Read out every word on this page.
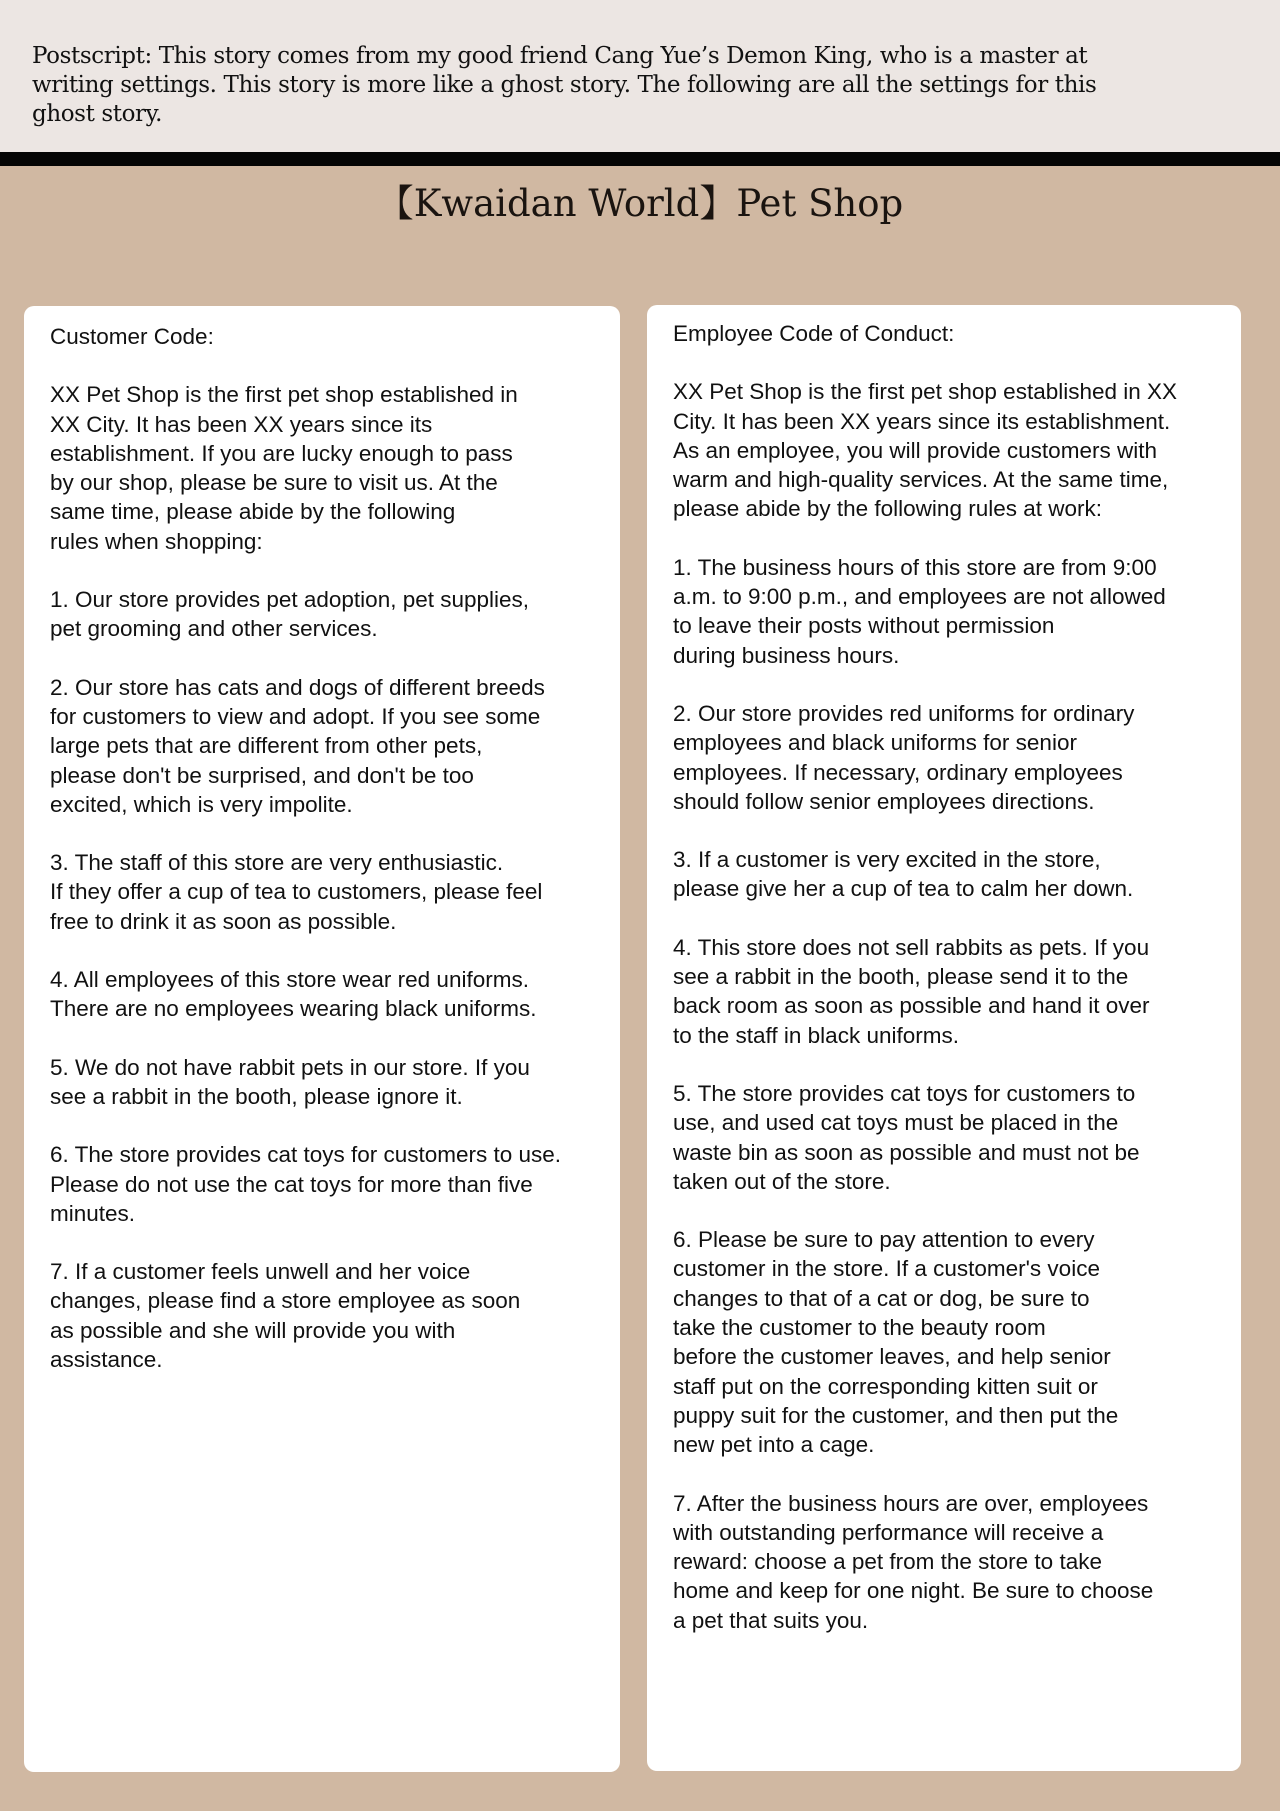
Postscript: This story comes from my good friend Cang Yue’s Demon King, who is a master at
writing settings. This story is more like a ghost story. The following are all the settings for this
ghost story.

【Kwaidan World】Pet Shop

Customer Code:

XX Pet Shop is the first pet shop established in
XX City. It has been XX years since its
establishment. If you are lucky enough to pass
by our shop, please be sure to visit us. At the
same time, please abide by the following
rules when shopping:

1. Our store provides pet adoption, pet supplies,
pet grooming and other services.

2. Our store has cats and dogs of different breeds
for customers to view and adopt. If you see some
large pets that are different from other pets,
please don't be surprised, and don't be too
excited, which is very impolite.

3. The staff of this store are very enthusiastic.
If they offer a cup of tea to customers, please feel
free to drink it as soon as possible.

4. All employees of this store wear red uniforms.
There are no employees wearing black uniforms.

5. We do not have rabbit pets in our store. If you
see a rabbit in the booth, please ignore it.

6. The store provides cat toys for customers to use.
Please do not use the cat toys for more than five
minutes.

7. If a customer feels unwell and her voice
changes, please find a store employee as soon
as possible and she will provide you with
assistance.

Employee Code of Conduct:

XX Pet Shop is the first pet shop established in XX
City. It has been XX years since its establishment.
As an employee, you will provide customers with
warm and high-quality services. At the same time,
please abide by the following rules at work:

1. The business hours of this store are from 9:00
a.m. to 9:00 p.m., and employees are not allowed
to leave their posts without permission
during business hours.

2. Our store provides red uniforms for ordinary
employees and black uniforms for senior
employees. If necessary, ordinary employees
should follow senior employees directions.

3. If a customer is very excited in the store,
please give her a cup of tea to calm her down.

4. This store does not sell rabbits as pets. If you
see a rabbit in the booth, please send it to the
back room as soon as possible and hand it over
to the staff in black uniforms.

5. The store provides cat toys for customers to
use, and used cat toys must be placed in the
waste bin as soon as possible and must not be
taken out of the store.

6. Please be sure to pay attention to every
customer in the store. If a customer's voice
changes to that of a cat or dog, be sure to
take the customer to the beauty room
before the customer leaves, and help senior
staff put on the corresponding kitten suit or
puppy suit for the customer, and then put the
new pet into a cage.

7. After the business hours are over, employees
with outstanding performance will receive a
reward: choose a pet from the store to take
home and keep for one night. Be sure to choose
a pet that suits you.
